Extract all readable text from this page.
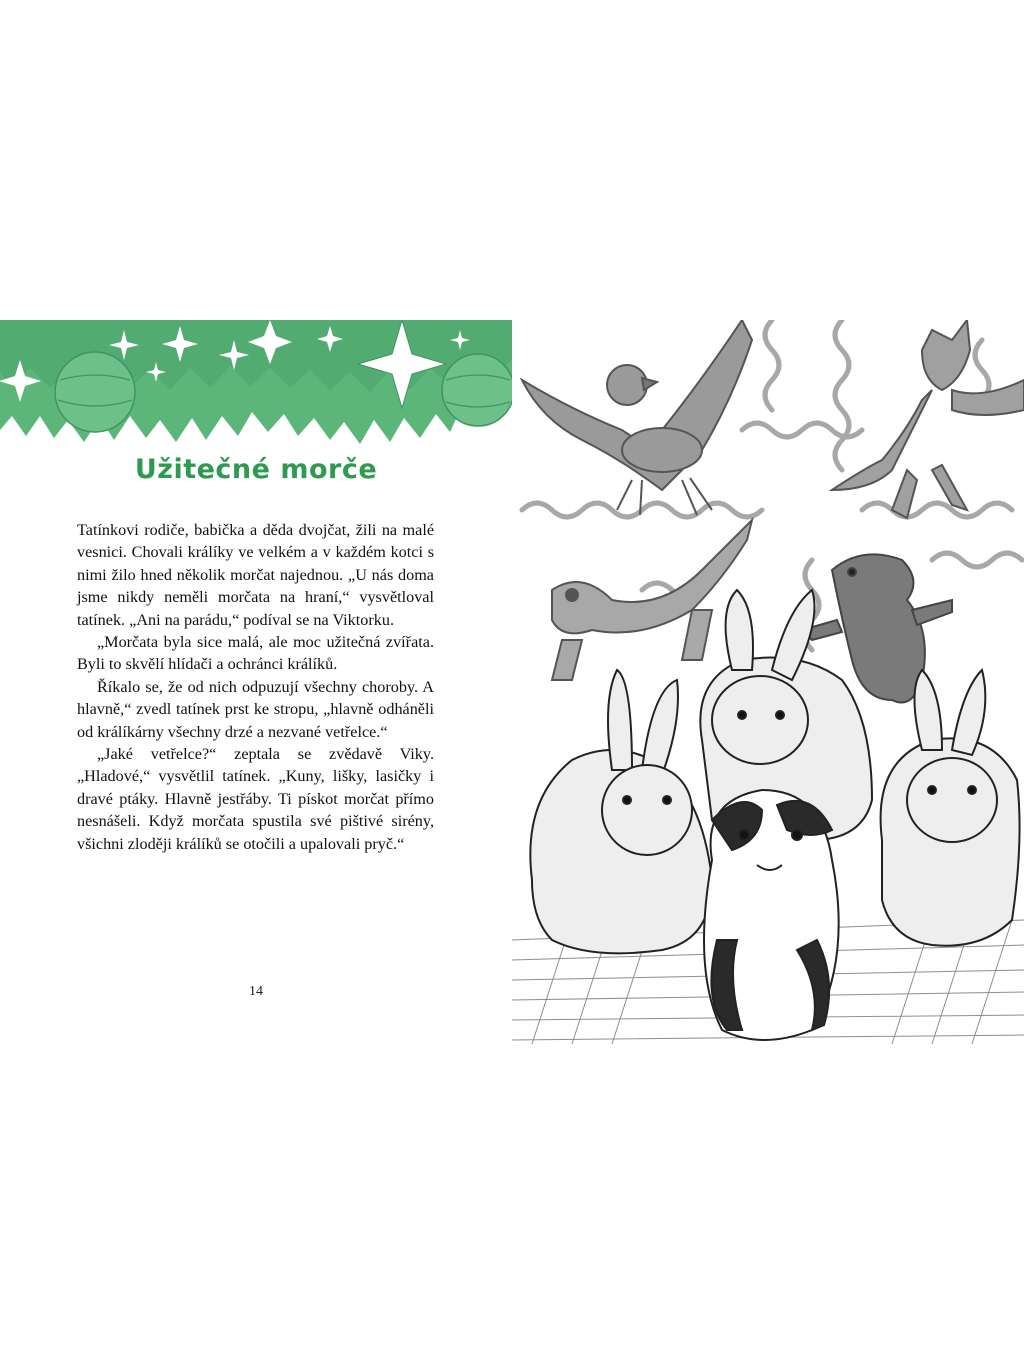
Užitečné morče

Tatínkovi rodiče, babička a děda dvojčat, žili na malé vesnici. Chovali králíky ve velkém a v každém kotci s nimi žilo hned několik morčat najednou. „U nás doma jsme nikdy neměli morčata na hraní,“ vysvětloval tatínek. „Ani na parádu,“ podíval se na Viktorku.

„Morčata byla sice malá, ale moc užitečná zvířata. Byli to skvělí hlídači a ochránci králíků.

Říkalo se, že od nich odpuzují všechny choroby. A hlavně,“ zvedl tatínek prst ke stropu, „hlavně odháněli od králíkárny všechny drzé a nezvané vetřelce.“

„Jaké vetřelce?“ zeptala se zvědavě Viky. „Hladové,“ vysvětlil tatínek. „Kuny, lišky, lasičky i dravé ptáky. Hlavně jestřáby. Ti pískot morčat přímo nesnášeli. Když morčata spustila své pištivé sirény, všichni zloději králíků se otočili a upalovali pryč.“

14
